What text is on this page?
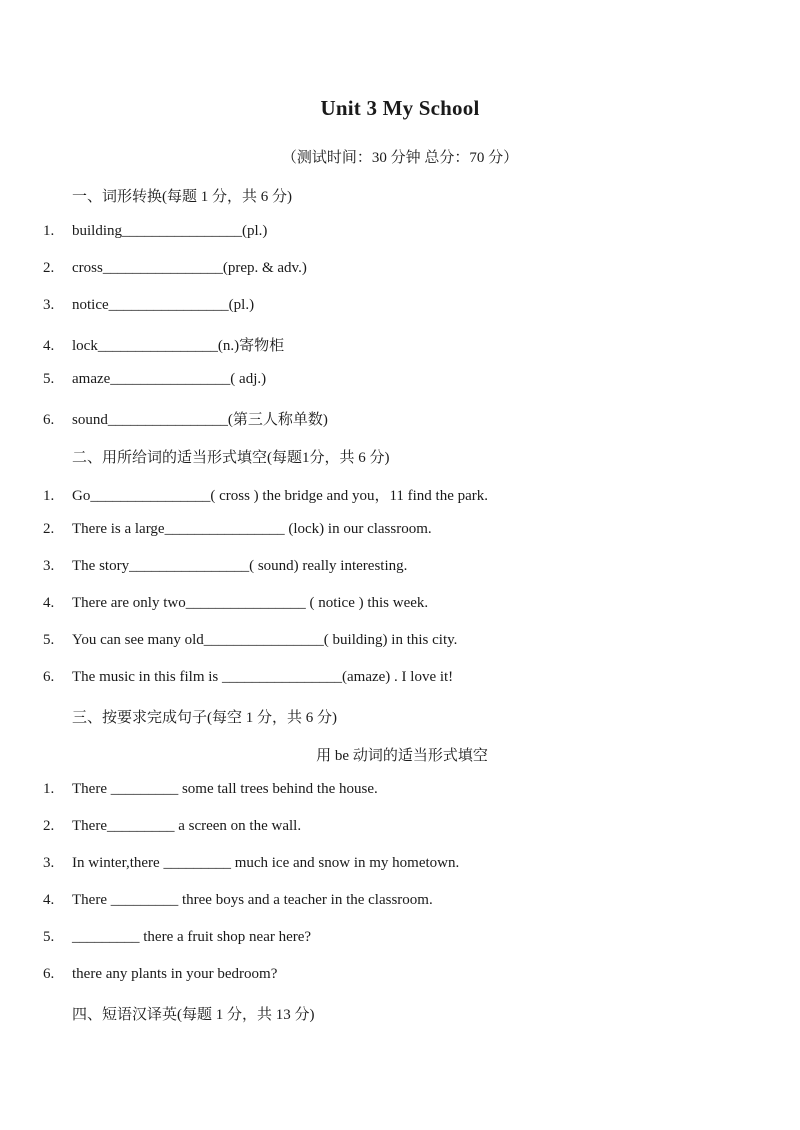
Unit 3 My School
（测试时间：30 分钟 总分：70 分）
一、词形转换(每题 1 分，共 6 分)
1. building________________(pl.)
2. cross________________(prep. & adv.)
3. notice________________(pl.)
4. lock________________(n.)寄物柜
5. amaze________________( adj.)
6. sound________________(第三人称单数)
二、用所给词的适当形式填空(每题1分，共 6 分)
1. Go________________( cross ) the bridge and you，11 find the park.
2. There is a large________________ (lock) in our classroom.
3. The story________________( sound) really interesting.
4. There are only two________________ ( notice ) this week.
5. You can see many old________________( building) in this city.
6. The music in this film is ________________(amaze) . I love it!
三、按要求完成句子(每空 1 分，共 6 分)
用 be 动词的适当形式填空
1. There _________ some tall trees behind the house.
2. There_________ a screen on the wall.
3. In winter,there _________ much ice and snow in my hometown.
4. There _________ three boys and a teacher in the classroom.
5. _________ there a fruit shop near here?
6. there any plants in your bedroom?
四、短语汉译英(每题 1 分，共 13 分)
